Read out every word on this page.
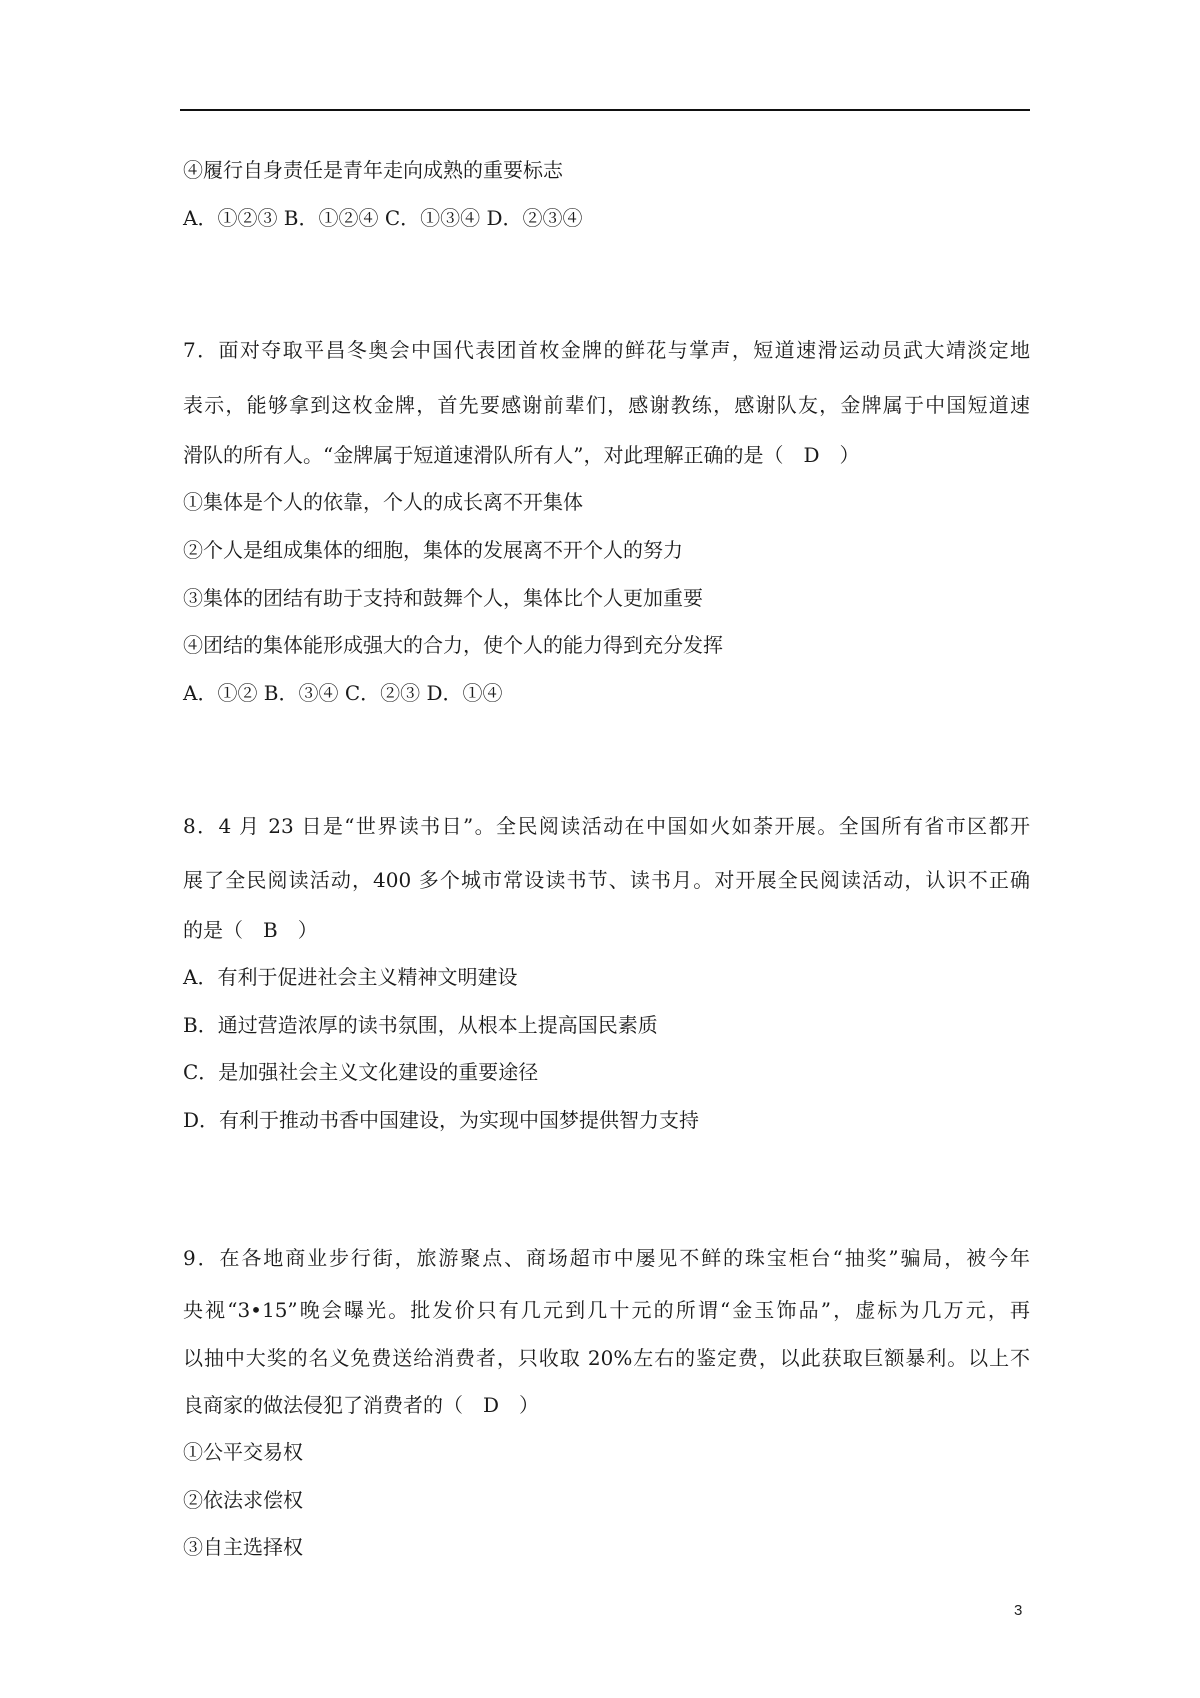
④履行自身责任是青年走向成熟的重要标志
A．①②③ B．①②④ C．①③④ D．②③④
7．面对夺取平昌冬奥会中国代表团首枚金牌的鲜花与掌声，短道速滑运动员武大靖淡定地
表示，能够拿到这枚金牌，首先要感谢前辈们，感谢教练，感谢队友，金牌属于中国短道速
滑队的所有人。“金牌属于短道速滑队所有人”，对此理解正确的是（　D　）
①集体是个人的依靠，个人的成长离不开集体
②个人是组成集体的细胞，集体的发展离不开个人的努力
③集体的团结有助于支持和鼓舞个人，集体比个人更加重要
④团结的集体能形成强大的合力，使个人的能力得到充分发挥
A．①② B．③④ C．②③ D．①④
8．4 月 23 日是“世界读书日”。全民阅读活动在中国如火如荼开展。全国所有省市区都开
展了全民阅读活动，400 多个城市常设读书节、读书月。对开展全民阅读活动，认识不正确
的是（　B　）
A．有利于促进社会主义精神文明建设
B．通过营造浓厚的读书氛围，从根本上提高国民素质
C．是加强社会主义文化建设的重要途径
D．有利于推动书香中国建设，为实现中国梦提供智力支持
9．在各地商业步行街，旅游聚点、商场超市中屡见不鲜的珠宝柜台“抽奖”骗局，被今年
央视“3•15”晚会曝光。批发价只有几元到几十元的所谓“金玉饰品”，虚标为几万元，再
以抽中大奖的名义免费送给消费者，只收取 20%左右的鉴定费，以此获取巨额暴利。以上不
良商家的做法侵犯了消费者的（　D　）
①公平交易权
②依法求偿权
③自主选择权
3
